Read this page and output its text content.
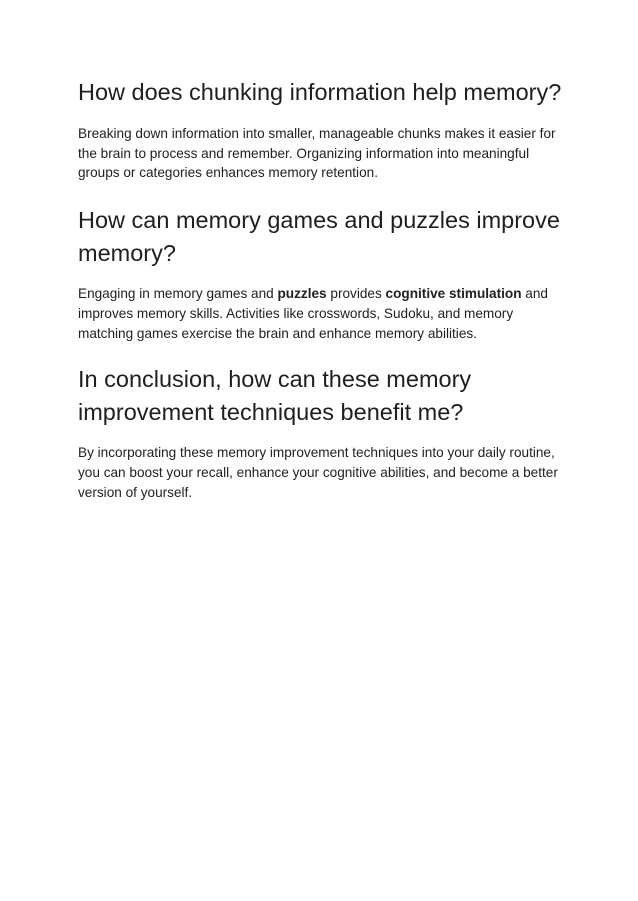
How does chunking information help memory?

Breaking down information into smaller, manageable chunks makes it easier for the brain to process and remember. Organizing information into meaningful groups or categories enhances memory retention.

How can memory games and puzzles improve memory?

Engaging in memory games and puzzles provides cognitive stimulation and improves memory skills. Activities like crosswords, Sudoku, and memory matching games exercise the brain and enhance memory abilities.

In conclusion, how can these memory improvement techniques benefit me?

By incorporating these memory improvement techniques into your daily routine, you can boost your recall, enhance your cognitive abilities, and become a better version of yourself.
